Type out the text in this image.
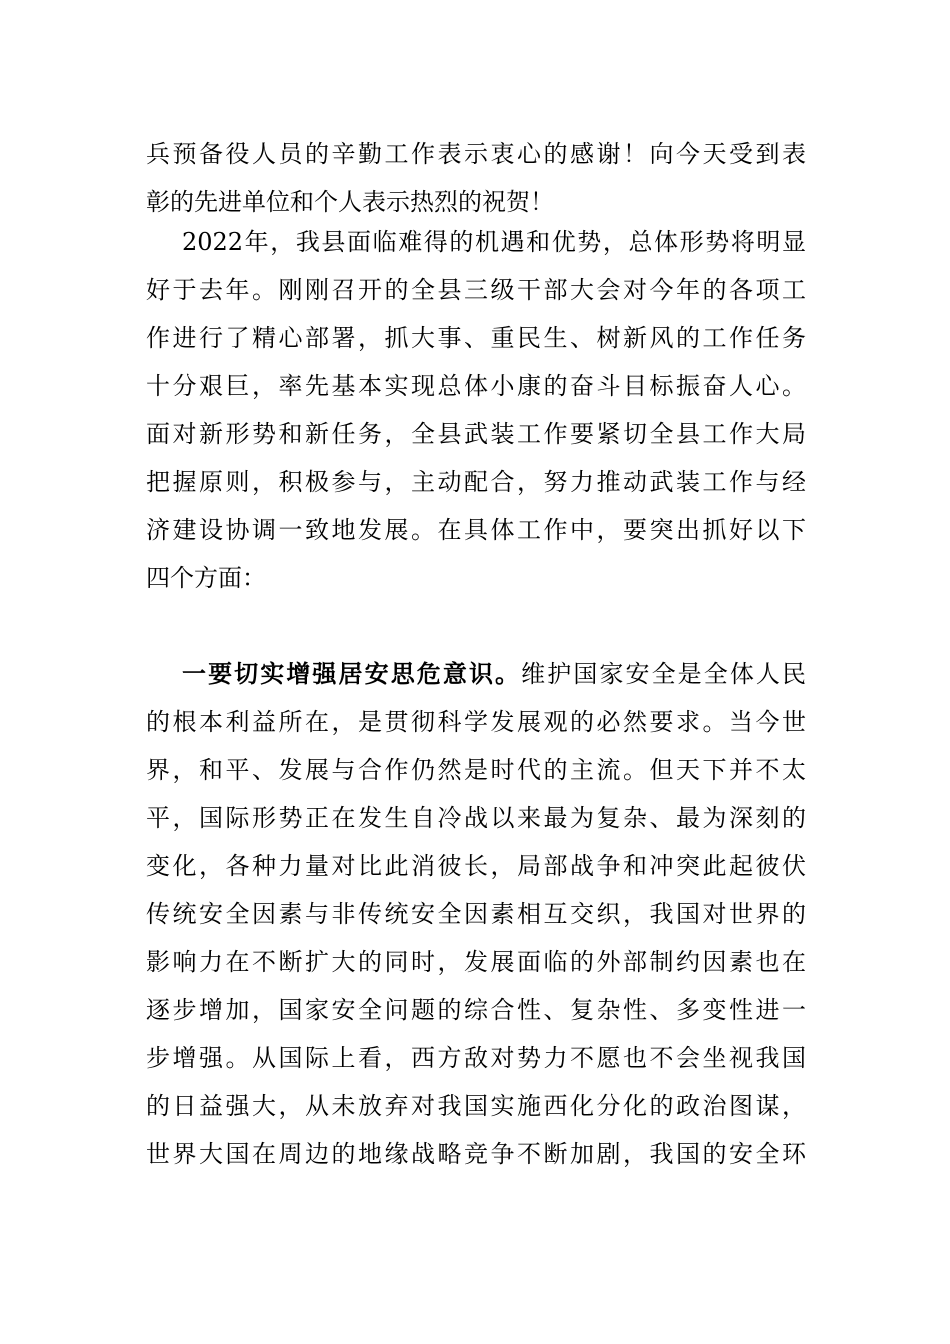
兵预备役人员的辛勤工作表示衷心的感谢！向今天受到表
彰的先进单位和个人表示热烈的祝贺！
2022年，我县面临难得的机遇和优势，总体形势将明显
好于去年。刚刚召开的全县三级干部大会对今年的各项工
作进行了精心部署，抓大事、重民生、树新风的工作任务
十分艰巨，率先基本实现总体小康的奋斗目标振奋人心。
面对新形势和新任务，全县武装工作要紧切全县工作大局
把握原则，积极参与，主动配合，努力推动武装工作与经
济建设协调一致地发展。在具体工作中，要突出抓好以下
四个方面：
一要切实增强居安思危意识。维护国家安全是全体人民
的根本利益所在，是贯彻科学发展观的必然要求。当今世
界，和平、发展与合作仍然是时代的主流。但天下并不太
平，国际形势正在发生自冷战以来最为复杂、最为深刻的
变化，各种力量对比此消彼长，局部战争和冲突此起彼伏
传统安全因素与非传统安全因素相互交织，我国对世界的
影响力在不断扩大的同时，发展面临的外部制约因素也在
逐步增加，国家安全问题的综合性、复杂性、多变性进一
步增强。从国际上看，西方敌对势力不愿也不会坐视我国
的日益强大，从未放弃对我国实施西化分化的政治图谋，
世界大国在周边的地缘战略竞争不断加剧，我国的安全环
